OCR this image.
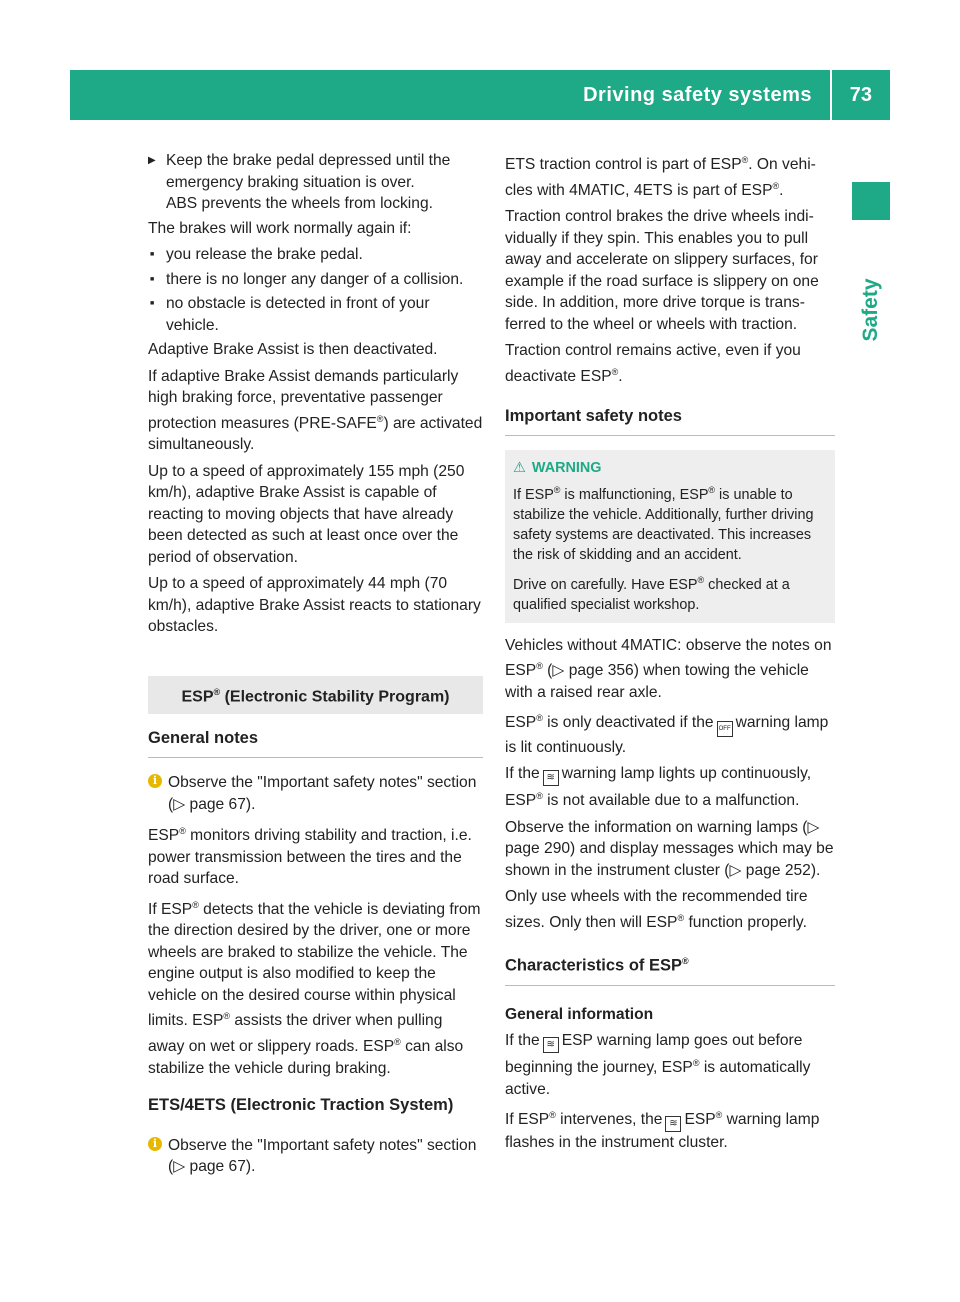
Driving safety systems 73
Safety
▶ Keep the brake pedal depressed until the emergency braking situation is over.
ABS prevents the wheels from locking.

The brakes will work normally again if:

■ you release the brake pedal.
■ there is no longer any danger of a collision.
■ no obstacle is detected in front of your vehicle.

Adaptive Brake Assist is then deactivated.

If adaptive Brake Assist demands particularly high braking force, preventative passenger protection measures (PRE-SAFE®) are activated simultaneously.

Up to a speed of approximately 155 mph (250 km/h), adaptive Brake Assist is capable of reacting to moving objects that have already been detected as such at least once over the period of observation.

Up to a speed of approximately 44 mph (70 km/h), adaptive Brake Assist reacts to stationary obstacles.

ESP® (Electronic Stability Program)
General notes
i Observe the "Important safety notes" section (▷ page 67).

ESP® monitors driving stability and traction, i.e. power transmission between the tires and the road surface.

If ESP® detects that the vehicle is deviating from the direction desired by the driver, one or more wheels are braked to stabilize the vehicle. The engine output is also modified to keep the vehicle on the desired course within physical limits. ESP® assists the driver when pulling away on wet or slippery roads. ESP® can also stabilize the vehicle during braking.

ETS/4ETS (Electronic Traction System)
i Observe the "Important safety notes" section (▷ page 67).

ETS traction control is part of ESP®. On vehicles with 4MATIC, 4ETS is part of ESP®.

Traction control brakes the drive wheels individually if they spin. This enables you to pull away and accelerate on slippery surfaces, for example if the road surface is slippery on one side. In addition, more drive torque is transferred to the wheel or wheels with traction.

Traction control remains active, even if you deactivate ESP®.

Important safety notes
⚠ WARNING

If ESP® is malfunctioning, ESP® is unable to stabilize the vehicle. Additionally, further driving safety systems are deactivated. This increases the risk of skidding and an accident.

Drive on carefully. Have ESP® checked at a qualified specialist workshop.

Vehicles without 4MATIC: observe the notes on ESP® (▷ page 356) when towing the vehicle with a raised rear axle.

ESP® is only deactivated if the OFF warning lamp is lit continuously.

If the ≋ warning lamp lights up continuously, ESP® is not available due to a malfunction.

Observe the information on warning lamps (▷ page 290) and display messages which may be shown in the instrument cluster (▷ page 252).

Only use wheels with the recommended tire sizes. Only then will ESP® function properly.

Characteristics of ESP®
General information

If the ≋ ESP warning lamp goes out before beginning the journey, ESP® is automatically active.

If ESP® intervenes, the ≋ ESP® warning lamp flashes in the instrument cluster.
